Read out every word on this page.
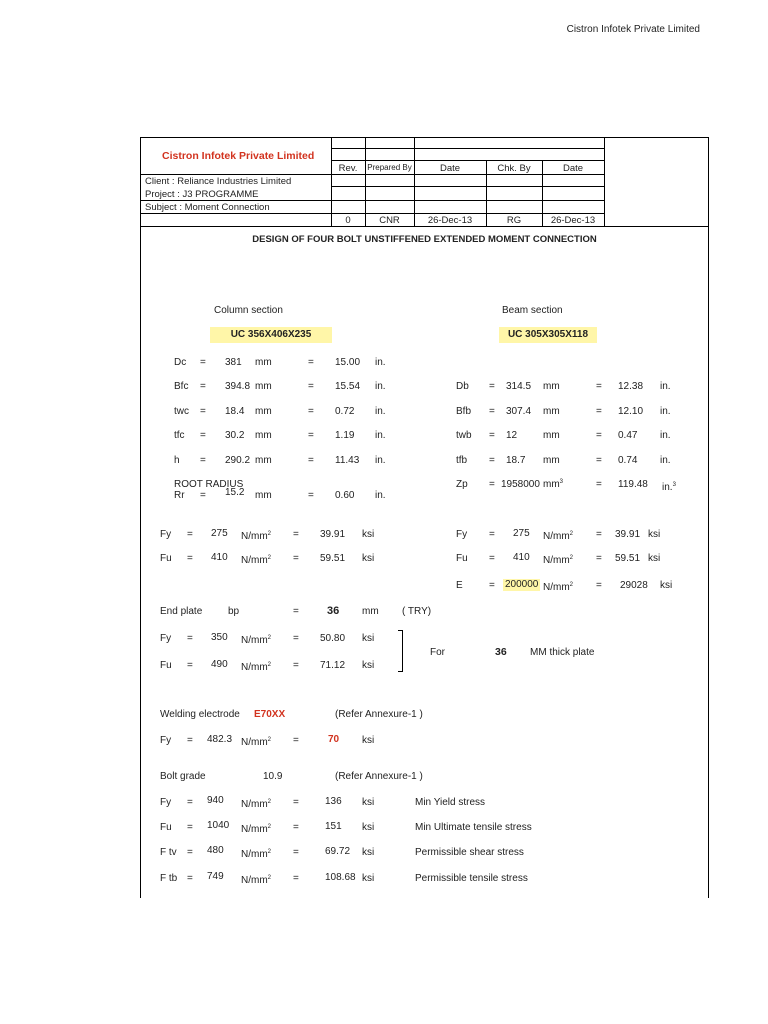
Cistron Infotek Private Limited
Cistron Infotek Private Limited
Rev.	Prepared By	Date	Chk. By	Date
Client : Reliance Industries Limited
Project : J3 PROGRAMME
Subject : Moment Connection
0	CNR	26-Dec-13	RG	26-Dec-13
DESIGN OF FOUR BOLT UNSTIFFENED EXTENDED MOMENT CONNECTION
Column section	Beam section
UC 356X406X235	UC 305X305X118
Dc = 381 mm	= 15.00 in.
Bfc = 394.8 mm	= 15.54 in.
twc = 18.4 mm	= 0.72 in.
tfc = 30.2 mm	= 1.19 in.
h = 290.2 mm	= 11.43 in.
Rr = 15.2 mm	= 0.60 in.
ROOT RADIUS
Db = 314.5 mm	= 12.38 in.
Bfb = 307.4 mm	= 12.10 in.
twb = 12	mm	= 0.47 in.
tfb = 18.7 mm	= 0.74 in.
Zp = 1958000 $mm^3$	= 119.48 in.$^3$
Fy = 275 $N/mm^2 = 39.91$ ksi
Fu = 410 $N/mm^2 = 59.51$ ksi
Fy = 275 $N/mm^2 = 39.91$ ksi
Fu = 410 $N/mm^2 = 59.51$ ksi
E	= 200000 $N/mm^2 = 29028$ ksi
End plate	bp	=	36 mm ( TRY)
For	36 MM thick plate
Fy = 350 $N/mm^2 = 50.80$ ksi
Fu = 490 $N/mm^2 = 71.12$ ksi
Welding electrode E70XX	(Refer Annexure-1 )
Fy = 482.3 $N/mm^2$ =	70 ksi
Bolt grade	10.9	(Refer Annexure-1 )
Fy = 940 $N/mm^2$ =	136 ksi	Min Yield stress
Fu = 1040 $N/mm^2$ =	151 ksi	Min Ultimate tensile stress
F tv = 480 $N/mm^2$ =	69.72 ksi	Permissible shear stress
F tb = 749 $N/mm^2$ =	108.68 ksi	Permissible tensile stress
